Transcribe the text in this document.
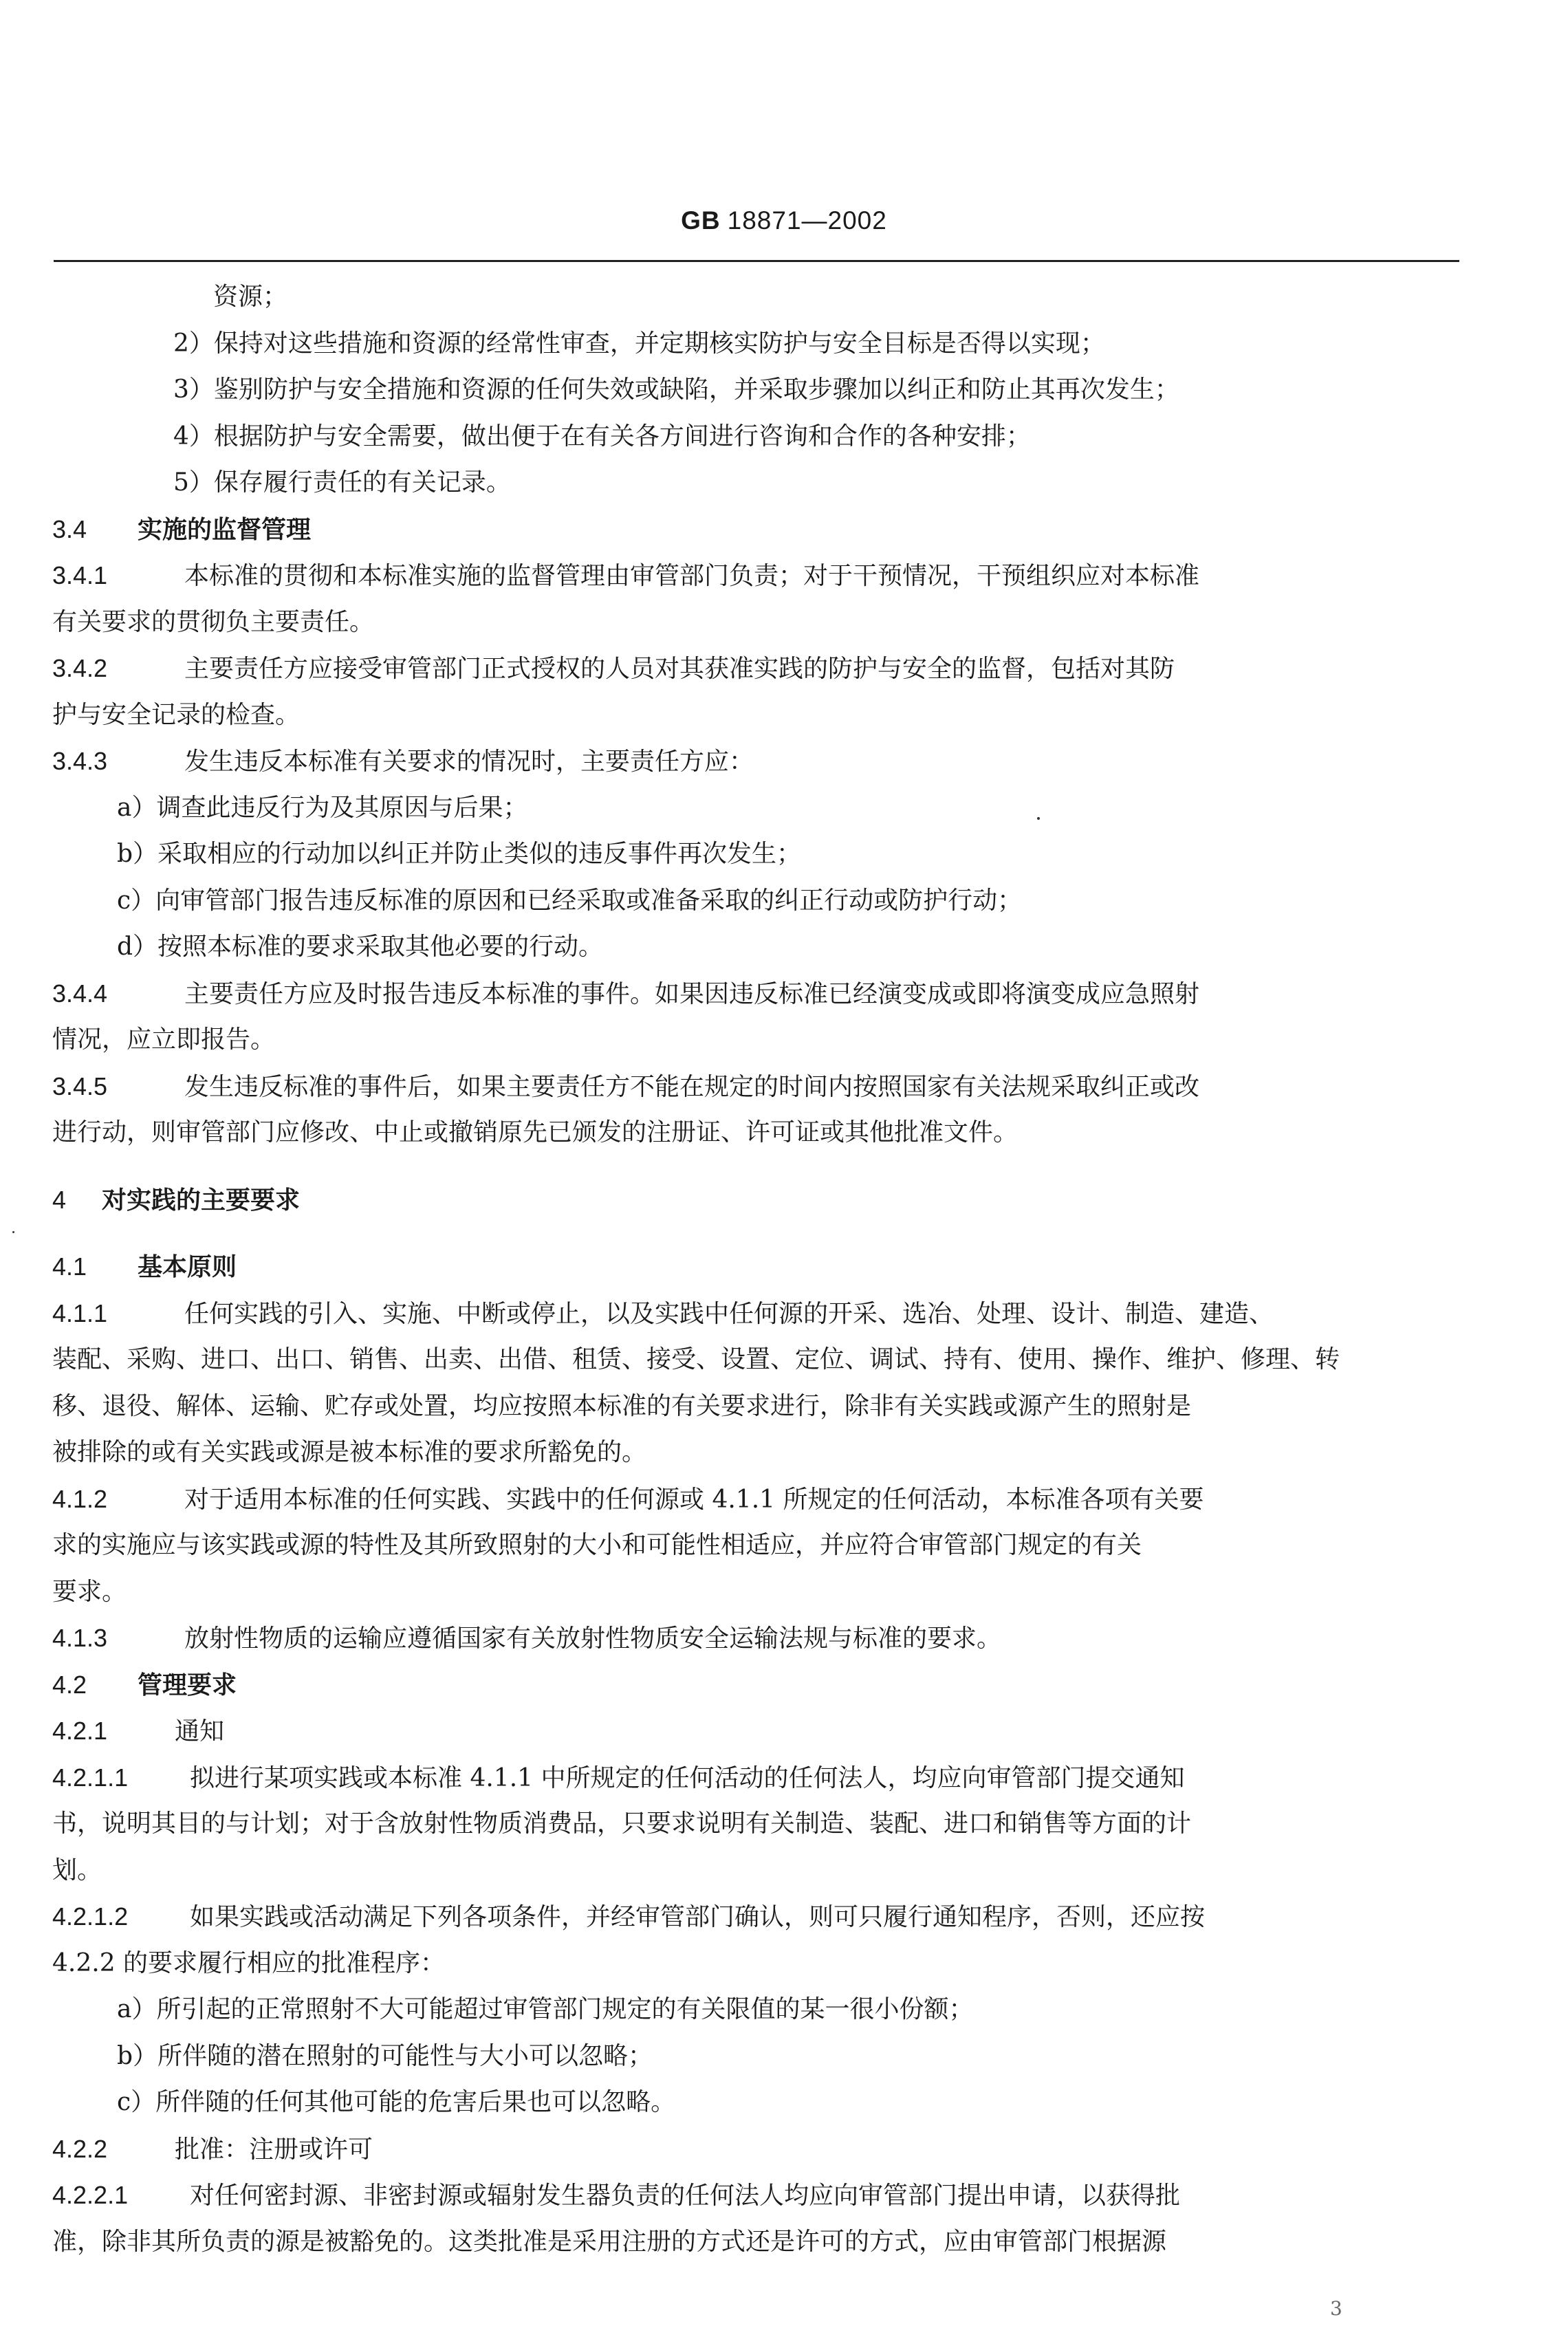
GB 18871—2002
资源；
2）保持对这些措施和资源的经常性审查，并定期核实防护与安全目标是否得以实现；
3）鉴别防护与安全措施和资源的任何失效或缺陷，并采取步骤加以纠正和防止其再次发生；
4）根据防护与安全需要，做出便于在有关各方间进行咨询和合作的各种安排；
5）保存履行责任的有关记录。
3.4 实施的监督管理
3.4.1	本标准的贯彻和本标准实施的监督管理由审管部门负责；对于干预情况，干预组织应对本标准
有关要求的贯彻负主要责任。
3.4.2	主要责任方应接受审管部门正式授权的人员对其获准实践的防护与安全的监督，包括对其防
护与安全记录的检查。
3.4.3	发生违反本标准有关要求的情况时，主要责任方应：
a）调查此违反行为及其原因与后果；
b）采取相应的行动加以纠正并防止类似的违反事件再次发生；
c）向审管部门报告违反标准的原因和已经采取或准备采取的纠正行动或防护行动；
d）按照本标准的要求采取其他必要的行动。
3.4.4	主要责任方应及时报告违反本标准的事件。如果因违反标准已经演变成或即将演变成应急照射
情况，应立即报告。
3.4.5	发生违反标准的事件后，如果主要责任方不能在规定的时间内按照国家有关法规采取纠正或改
进行动，则审管部门应修改、中止或撤销原先已颁发的注册证、许可证或其他批准文件。
4 对实践的主要要求
4.1 基本原则
4.1.1	任何实践的引入、实施、中断或停止，以及实践中任何源的开采、选冶、处理、设计、制造、建造、
装配、采购、进口、出口、销售、出卖、出借、租赁、接受、设置、定位、调试、持有、使用、操作、维护、修理、转
移、退役、解体、运输、贮存或处置，均应按照本标准的有关要求进行，除非有关实践或源产生的照射是
被排除的或有关实践或源是被本标准的要求所豁免的。
4.1.2	对于适用本标准的任何实践、实践中的任何源或 4.1.1 所规定的任何活动，本标准各项有关要
求的实施应与该实践或源的特性及其所致照射的大小和可能性相适应，并应符合审管部门规定的有关
要求。
4.1.3	放射性物质的运输应遵循国家有关放射性物质安全运输法规与标准的要求。
4.2 管理要求
4.2.1	通知
4.2.1.1 拟进行某项实践或本标准 4.1.1 中所规定的任何活动的任何法人，均应向审管部门提交通知
书，说明其目的与计划；对于含放射性物质消费品，只要求说明有关制造、装配、进口和销售等方面的计
划。
4.2.1.2 如果实践或活动满足下列各项条件，并经审管部门确认，则可只履行通知程序，否则，还应按
4.2.2 的要求履行相应的批准程序：
a）所引起的正常照射不大可能超过审管部门规定的有关限值的某一很小份额；
b）所伴随的潜在照射的可能性与大小可以忽略；
c）所伴随的任何其他可能的危害后果也可以忽略。
4.2.2	批准：注册或许可
4.2.2.1 对任何密封源、非密封源或辐射发生器负责的任何法人均应向审管部门提出申请，以获得批
准，除非其所负责的源是被豁免的。这类批准是采用注册的方式还是许可的方式，应由审管部门根据源
3
